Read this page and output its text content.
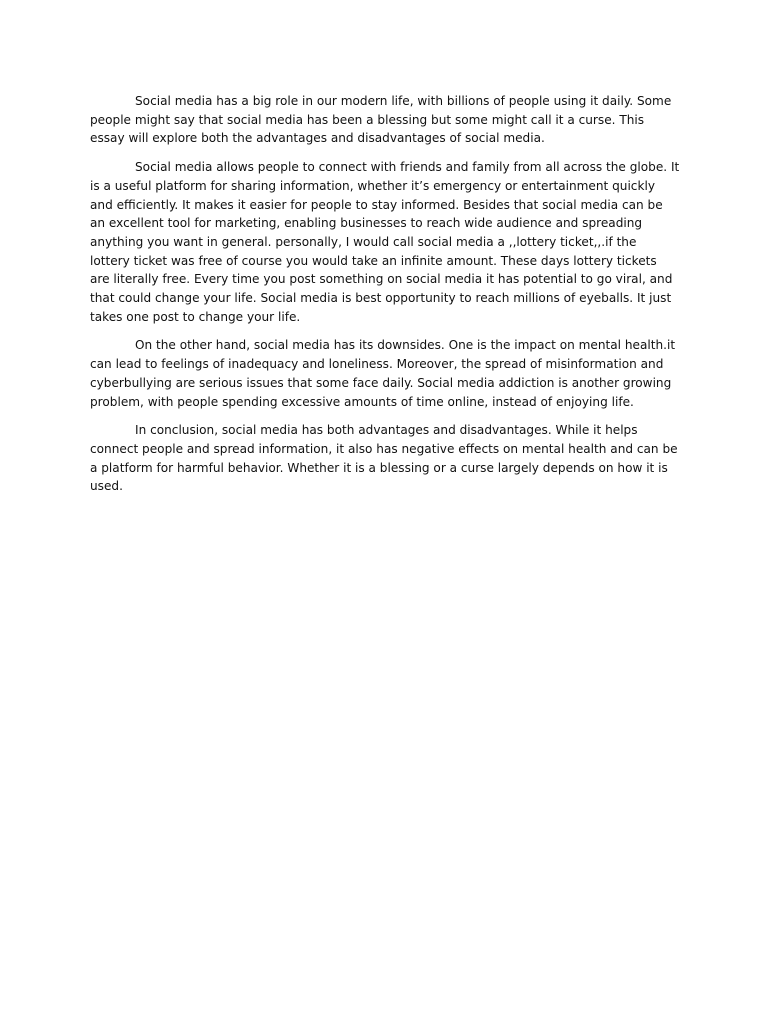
Social media has a big role in our modern life, with billions of people using it daily. Some people might say that social media has been a blessing but some might call it a curse. This essay will explore both the advantages and disadvantages of social media.

Social media allows people to connect with friends and family from all across the globe. It is a useful platform for sharing information, whether it’s emergency or entertainment quickly and efficiently. It makes it easier for people to stay informed. Besides that social media can be an excellent tool for marketing, enabling businesses to reach wide audience and spreading anything you want in general. personally, I would call social media a ,,lottery ticket,,.if the lottery ticket was free of course you would take an infinite amount. These days lottery tickets are literally free. Every time you post something on social media it has potential to go viral, and that could change your life. Social media is best opportunity to reach millions of eyeballs. It just takes one post to change your life.

On the other hand, social media has its downsides. One is the impact on mental health.it can lead to feelings of inadequacy and loneliness. Moreover, the spread of misinformation and cyberbullying are serious issues that some face daily. Social media addiction is another growing problem, with people spending excessive amounts of time online, instead of enjoying life.

In conclusion, social media has both advantages and disadvantages. While it helps connect people and spread information, it also has negative effects on mental health and can be a platform for harmful behavior. Whether it is a blessing or a curse largely depends on how it is used.
